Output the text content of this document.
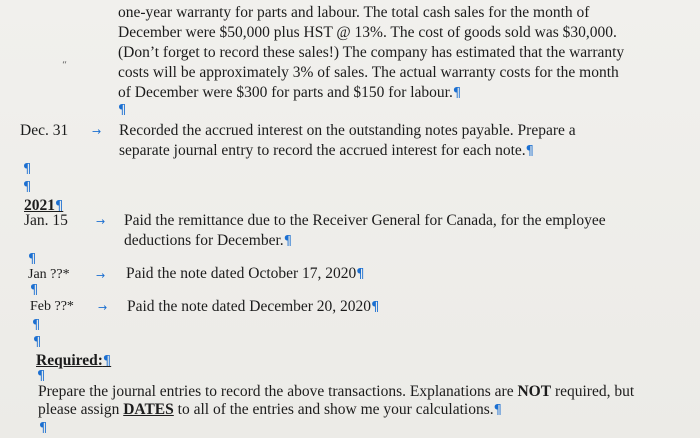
one-year warranty for parts and labour. The total cash sales for the month of
December were $50,000 plus HST @ 13%. The cost of goods sold was $30,000.
(Don’t forget to record these sales!) The company has estimated that the warranty
costs will be approximately 3% of sales. The actual warranty costs for the month
of December were $300 for parts and $150 for labour.¶
“
¶
Dec. 31 → Recorded the accrued interest on the outstanding notes payable. Prepare a
separate journal entry to record the accrued interest for each note.¶
¶
¶
2021¶
Jan. 15	→ Paid the remittance due to the Receiver General for Canada, for the employee
deductions for December.¶
¶
Jan ??* → Paid the note dated October 17, 2020¶
¶
Feb ??* → Paid the note dated December 20, 2020¶
¶
¶
Required:¶
¶
Prepare the journal entries to record the above transactions. Explanations are NOT required, but
please assign DATES to all of the entries and show me your calculations.¶
¶
